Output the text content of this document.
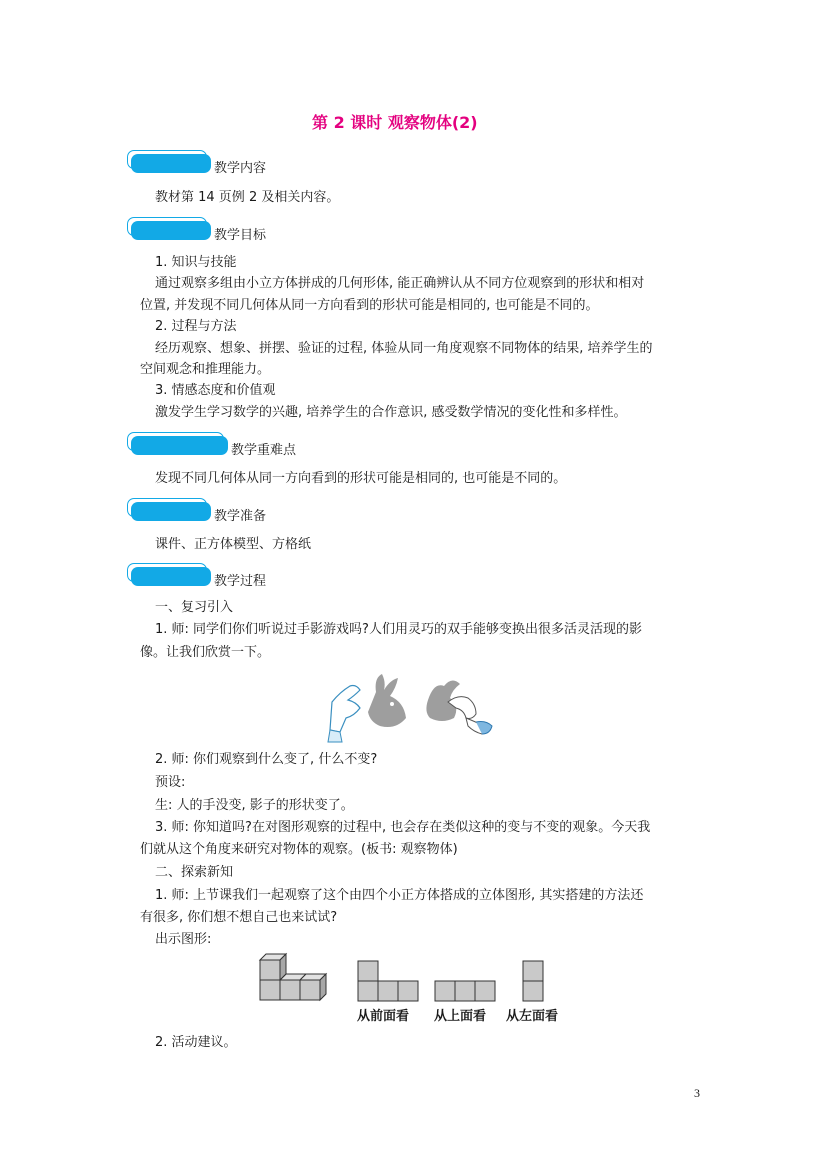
第 2 课时 观察物体(2)
教学内容
教材第 14 页例 2 及相关内容。
教学目标
1. 知识与技能
通过观察多组由小立方体拼成的几何形体, 能正确辨认从不同方位观察到的形状和相对
位置, 并发现不同几何体从同一方向看到的形状可能是相同的, 也可能是不同的。
2. 过程与方法
经历观察、想象、拼摆、验证的过程, 体验从同一角度观察不同物体的结果, 培养学生的
空间观念和推理能力。
3. 情感态度和价值观
激发学生学习数学的兴趣, 培养学生的合作意识, 感受数学情况的变化性和多样性。
教学重难点
发现不同几何体从同一方向看到的形状可能是相同的, 也可能是不同的。
教学准备
课件、正方体模型、方格纸
教学过程
一、复习引入
1. 师: 同学们你们听说过手影游戏吗?人们用灵巧的双手能够变换出很多活灵活现的影
像。让我们欣赏一下。
2. 师: 你们观察到什么变了, 什么不变?
预设:
生: 人的手没变, 影子的形状变了。
3. 师: 你知道吗?在对图形观察的过程中, 也会存在类似这种的变与不变的观象。今天我
们就从这个角度来研究对物体的观察。(板书: 观察物体)
二、探索新知
1. 师: 上节课我们一起观察了这个由四个小正方体搭成的立体图形, 其实搭建的方法还
有很多, 你们想不想自己也来试试?
出示图形:
从前面看 从上面看 从左面看
2. 活动建议。
3
